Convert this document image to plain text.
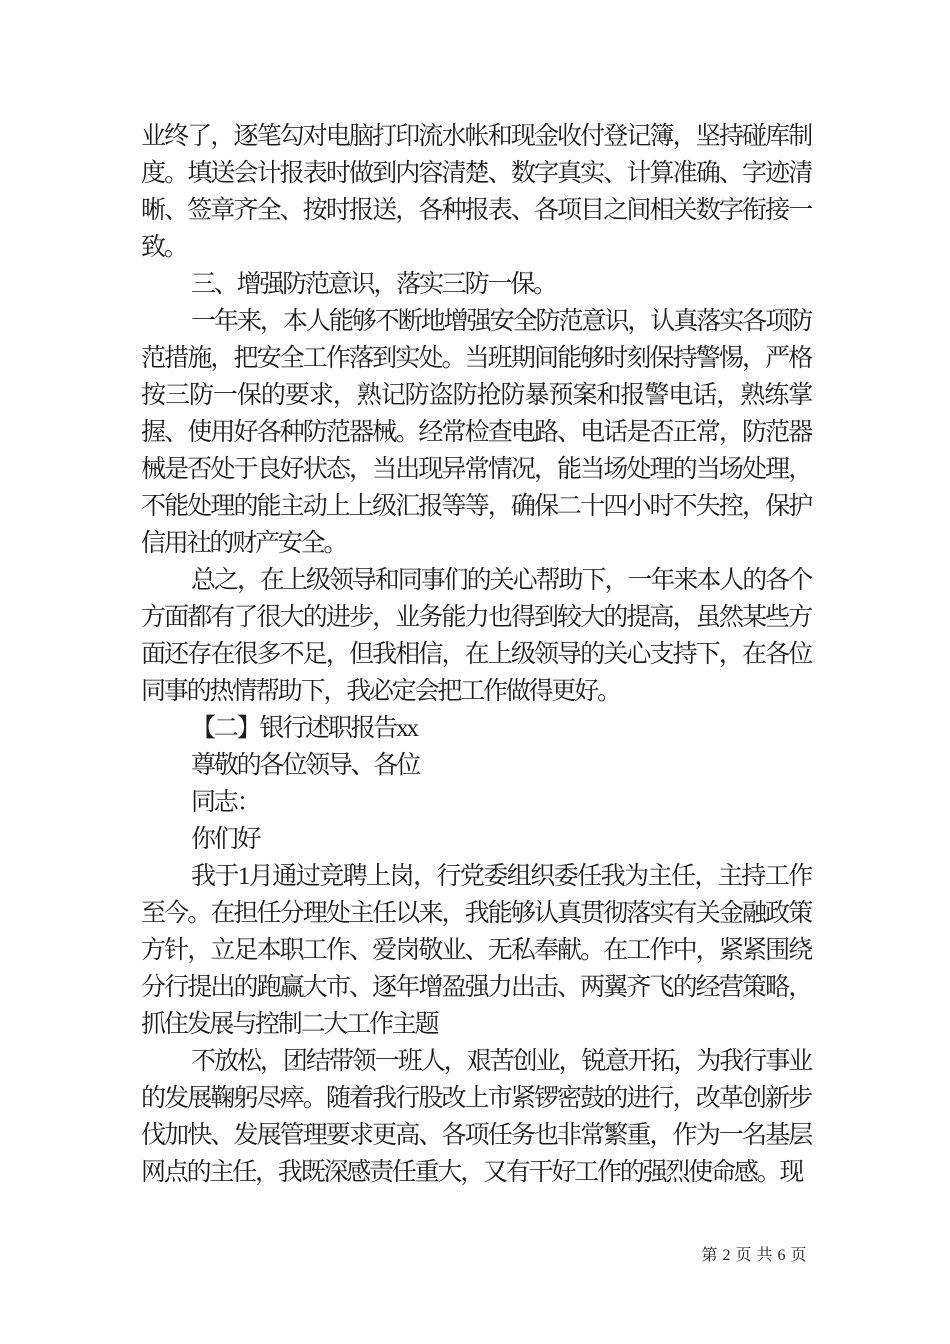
业终了，逐笔勾对电脑打印流水帐和现金收付登记簿，坚持碰库制度。填送会计报表时做到内容清楚、数字真实、计算准确、字迹清晰、签章齐全、按时报送，各种报表、各项目之间相关数字衔接一致。

三、增强防范意识，落实三防一保。

一年来，本人能够不断地增强安全防范意识，认真落实各项防范措施，把安全工作落到实处。当班期间能够时刻保持警惕，严格按三防一保的要求，熟记防盗防抢防暴预案和报警电话，熟练掌握、使用好各种防范器械。经常检查电路、电话是否正常，防范器械是否处于良好状态，当出现异常情况，能当场处理的当场处理，不能处理的能主动上上级汇报等等，确保二十四小时不失控，保护信用社的财产安全。

总之，在上级领导和同事们的关心帮助下，一年来本人的各个方面都有了很大的进步，业务能力也得到较大的提高，虽然某些方面还存在很多不足，但我相信，在上级领导的关心支持下，在各位同事的热情帮助下，我必定会把工作做得更好。

【二】银行述职报告xx

尊敬的各位领导、各位

同志：

你们好

我于1月通过竞聘上岗，行党委组织委任我为主任，主持工作至今。在担任分理处主任以来，我能够认真贯彻落实有关金融政策方针，立足本职工作、爱岗敬业、无私奉献。在工作中，紧紧围绕分行提出的跑赢大市、逐年增盈强力出击、两翼齐飞的经营策略，抓住发展与控制二大工作主题

不放松，团结带领一班人，艰苦创业，锐意开拓，为我行事业的发展鞠躬尽瘁。随着我行股改上市紧锣密鼓的进行，改革创新步伐加快、发展管理要求更高、各项任务也非常繁重，作为一名基层网点的主任，我既深感责任重大，又有干好工作的强烈使命感。现

第 2 页 共 6 页
